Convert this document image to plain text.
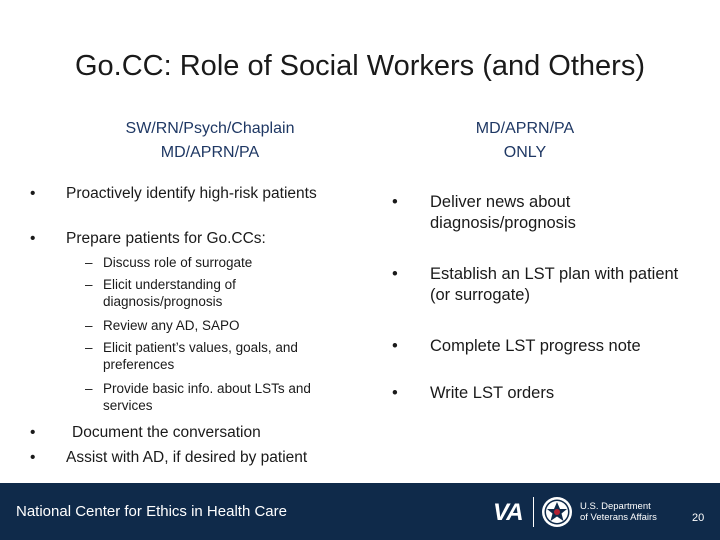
Go.CC: Role of Social Workers (and Others)
SW/RN/Psych/Chaplain
MD/APRN/PA
MD/APRN/PA
ONLY
•	Proactively identify high-risk patients
•	Prepare patients for Go.CCs:
– Discuss role of surrogate
– Elicit understanding of diagnosis/prognosis
– Review any AD, SAPO
– Elicit patient’s values, goals, and preferences
– Provide basic info. about LSTs and services
•	Document the conversation
•	Assist with AD, if desired by patient
•	Deliver news about diagnosis/prognosis
•	Establish an LST plan with patient (or surrogate)
•	Complete LST progress note
•	Write LST orders
National Center for Ethics in Health Care	VA	U.S. Department
of Veterans Affairs	20
